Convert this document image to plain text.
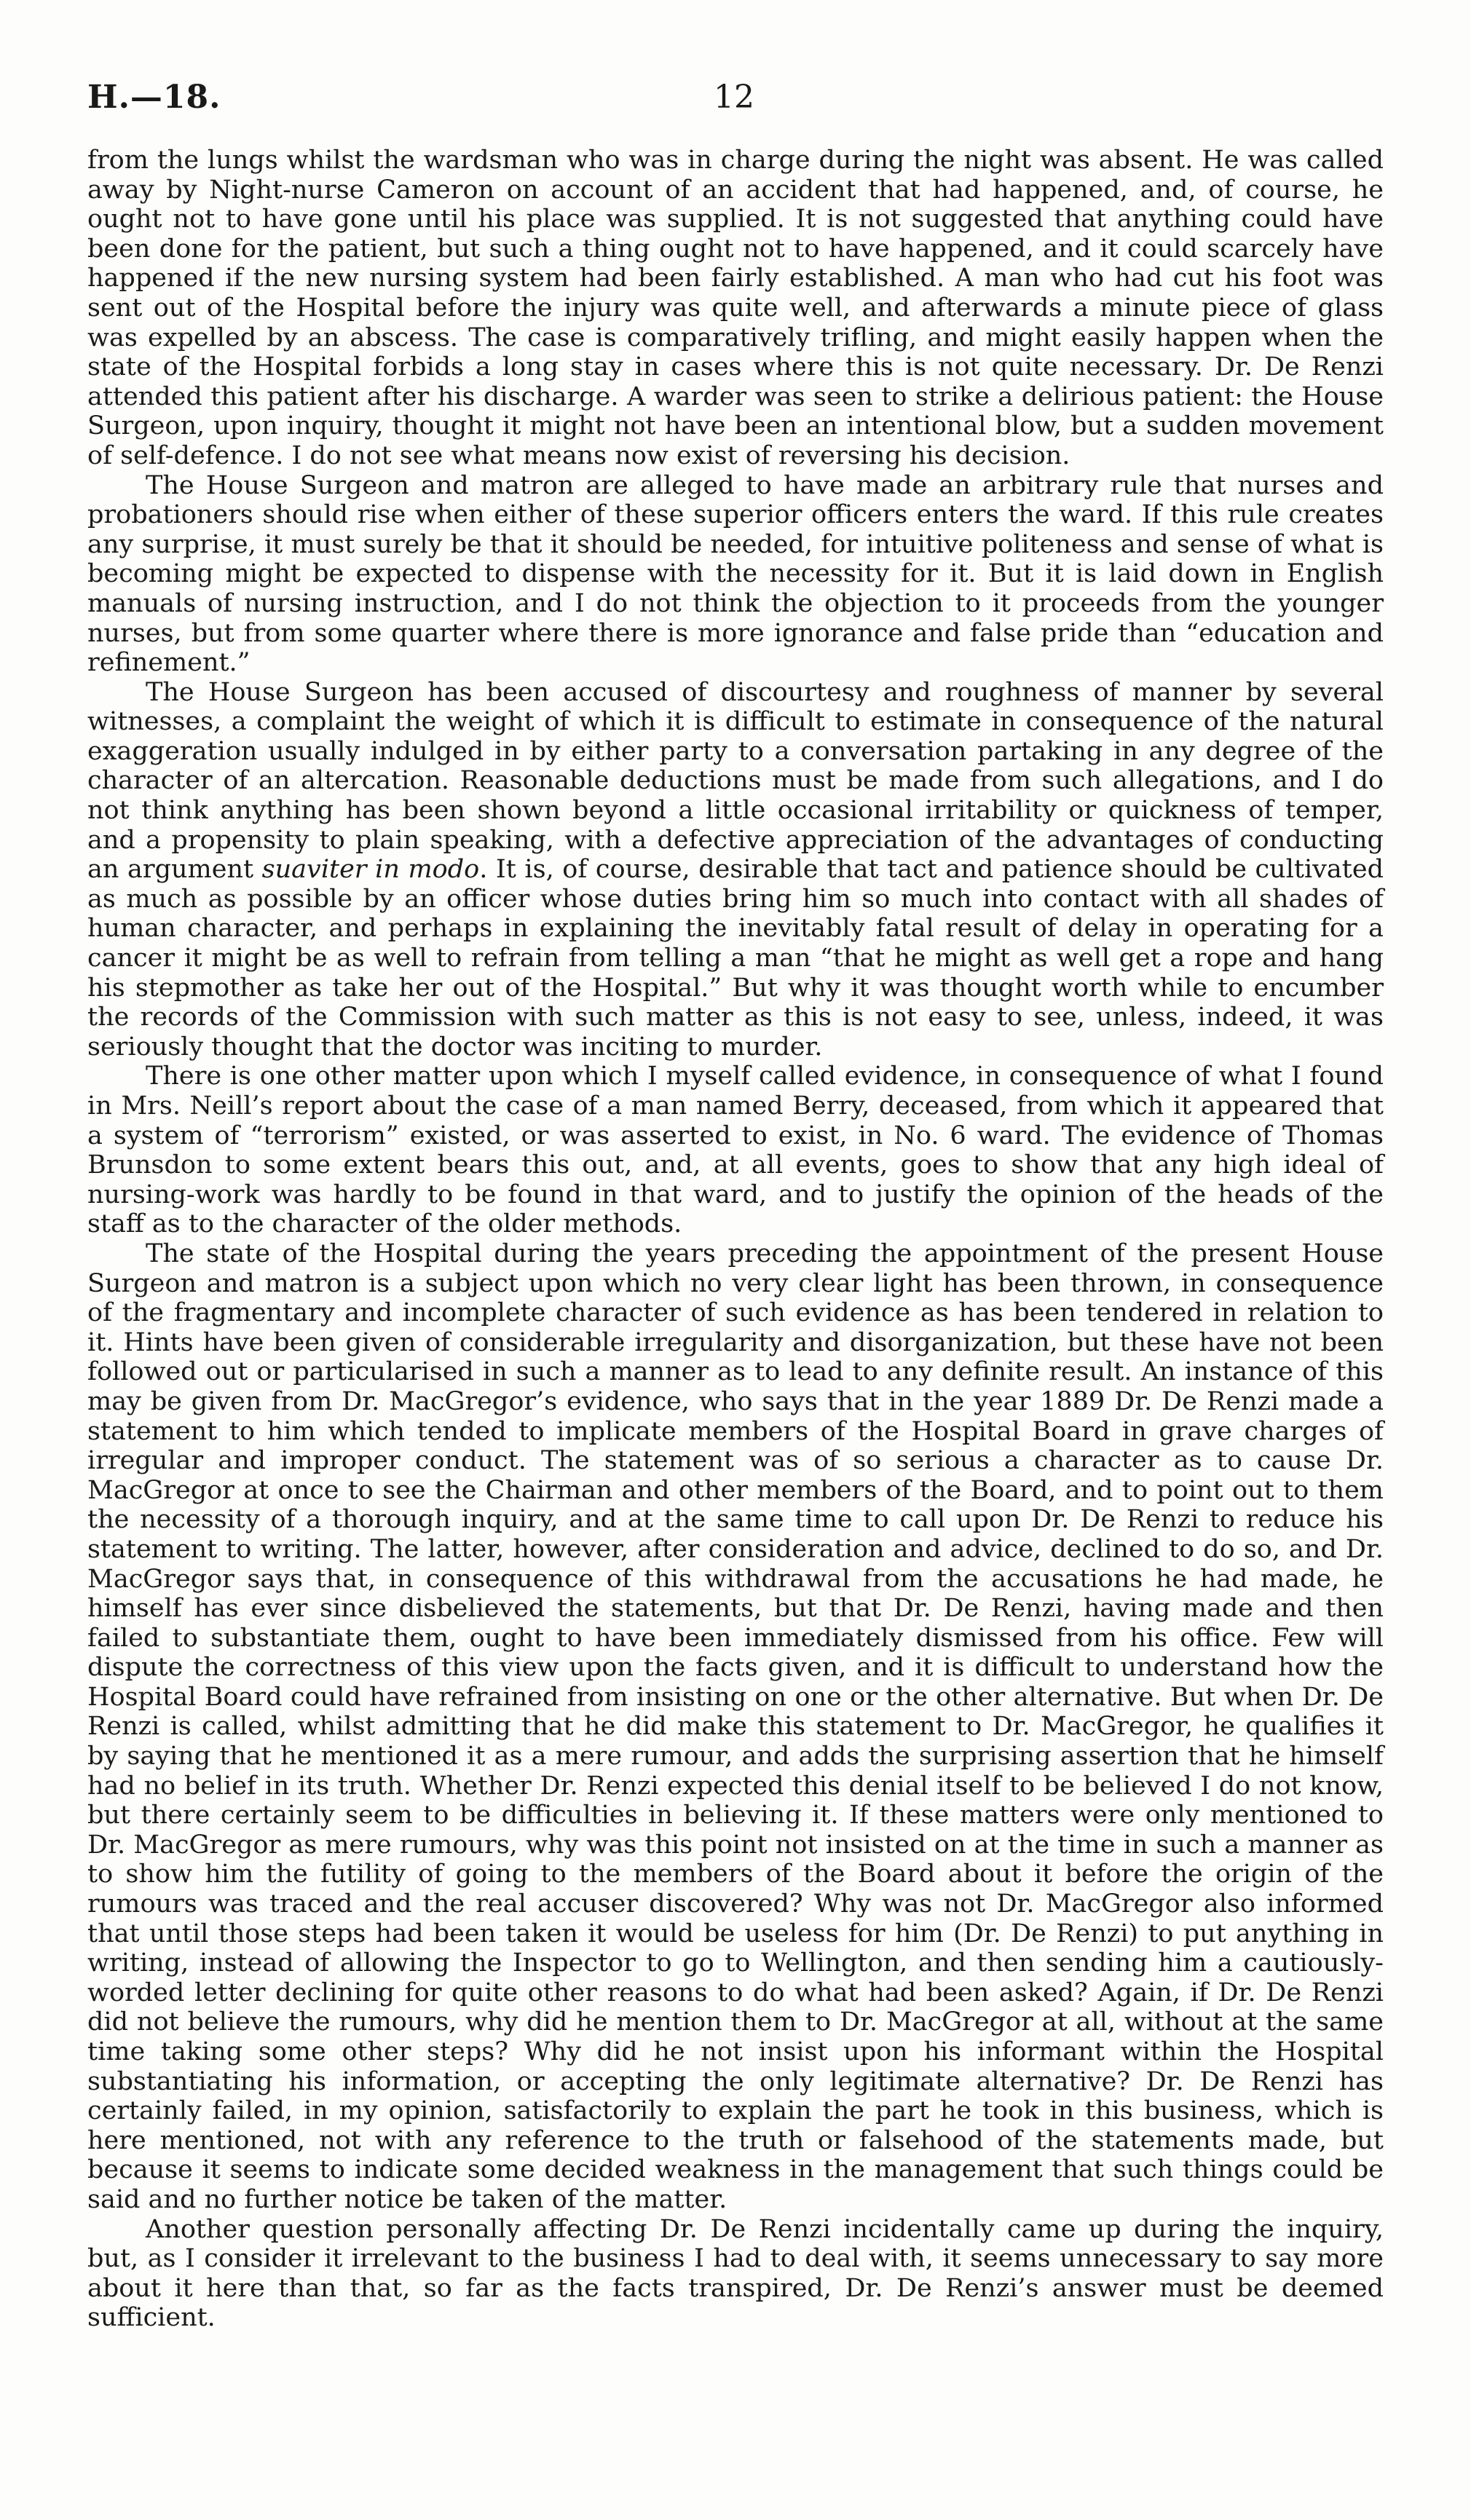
H.—18.	12

from the lungs whilst the wardsman who was in charge during the night was absent. He was called away by Night-nurse Cameron on account of an accident that had happened, and, of course, he ought not to have gone until his place was supplied. It is not suggested that anything could have been done for the patient, but such a thing ought not to have happened, and it could scarcely have happened if the new nursing system had been fairly established. A man who had cut his foot was sent out of the Hospital before the injury was quite well, and afterwards a minute piece of glass was expelled by an abscess. The case is comparatively trifling, and might easily happen when the state of the Hospital forbids a long stay in cases where this is not quite necessary. Dr. De Renzi attended this patient after his discharge. A warder was seen to strike a delirious patient: the House Surgeon, upon inquiry, thought it might not have been an intentional blow, but a sudden movement of self-defence. I do not see what means now exist of reversing his decision.

The House Surgeon and matron are alleged to have made an arbitrary rule that nurses and probationers should rise when either of these superior officers enters the ward. If this rule creates any surprise, it must surely be that it should be needed, for intuitive politeness and sense of what is becoming might be expected to dispense with the necessity for it. But it is laid down in English manuals of nursing instruction, and I do not think the objection to it proceeds from the younger nurses, but from some quarter where there is more ignorance and false pride than “education and refinement.”

The House Surgeon has been accused of discourtesy and roughness of manner by several witnesses, a complaint the weight of which it is difficult to estimate in consequence of the natural exaggeration usually indulged in by either party to a conversation partaking in any degree of the character of an altercation. Reasonable deductions must be made from such allegations, and I do not think anything has been shown beyond a little occasional irritability or quickness of temper, and a propensity to plain speaking, with a defective appreciation of the advantages of conducting an argument suaviter in modo. It is, of course, desirable that tact and patience should be cultivated as much as possible by an officer whose duties bring him so much into contact with all shades of human character, and perhaps in explaining the inevitably fatal result of delay in operating for a cancer it might be as well to refrain from telling a man “that he might as well get a rope and hang his stepmother as take her out of the Hospital.” But why it was thought worth while to encumber the records of the Commission with such matter as this is not easy to see, unless, indeed, it was seriously thought that the doctor was inciting to murder.

There is one other matter upon which I myself called evidence, in consequence of what I found in Mrs. Neill’s report about the case of a man named Berry, deceased, from which it appeared that a system of “terrorism” existed, or was asserted to exist, in No. 6 ward. The evidence of Thomas Brunsdon to some extent bears this out, and, at all events, goes to show that any high ideal of nursing-work was hardly to be found in that ward, and to justify the opinion of the heads of the staff as to the character of the older methods.

The state of the Hospital during the years preceding the appointment of the present House Surgeon and matron is a subject upon which no very clear light has been thrown, in consequence of the fragmentary and incomplete character of such evidence as has been tendered in relation to it. Hints have been given of considerable irregularity and disorganization, but these have not been followed out or particularised in such a manner as to lead to any definite result. An instance of this may be given from Dr. MacGregor’s evidence, who says that in the year 1889 Dr. De Renzi made a statement to him which tended to implicate members of the Hospital Board in grave charges of irregular and improper conduct. The statement was of so serious a character as to cause Dr. MacGregor at once to see the Chairman and other members of the Board, and to point out to them the necessity of a thorough inquiry, and at the same time to call upon Dr. De Renzi to reduce his statement to writing. The latter, however, after consideration and advice, declined to do so, and Dr. MacGregor says that, in consequence of this withdrawal from the accusations he had made, he himself has ever since disbelieved the statements, but that Dr. De Renzi, having made and then failed to substantiate them, ought to have been immediately dismissed from his office. Few will dispute the correctness of this view upon the facts given, and it is difficult to understand how the Hospital Board could have refrained from insisting on one or the other alternative. But when Dr. De Renzi is called, whilst admitting that he did make this statement to Dr. MacGregor, he qualifies it by saying that he mentioned it as a mere rumour, and adds the surprising assertion that he himself had no belief in its truth. Whether Dr. Renzi expected this denial itself to be believed I do not know, but there certainly seem to be difficulties in believing it. If these matters were only mentioned to Dr. MacGregor as mere rumours, why was this point not insisted on at the time in such a manner as to show him the futility of going to the members of the Board about it before the origin of the rumours was traced and the real accuser discovered? Why was not Dr. MacGregor also informed that until those steps had been taken it would be useless for him (Dr. De Renzi) to put anything in writing, instead of allowing the Inspector to go to Wellington, and then sending him a cautiously-worded letter declining for quite other reasons to do what had been asked? Again, if Dr. De Renzi did not believe the rumours, why did he mention them to Dr. MacGregor at all, without at the same time taking some other steps? Why did he not insist upon his informant within the Hospital substantiating his information, or accepting the only legitimate alternative? Dr. De Renzi has certainly failed, in my opinion, satisfactorily to explain the part he took in this business, which is here mentioned, not with any reference to the truth or falsehood of the statements made, but because it seems to indicate some decided weakness in the management that such things could be said and no further notice be taken of the matter.

Another question personally affecting Dr. De Renzi incidentally came up during the inquiry, but, as I consider it irrelevant to the business I had to deal with, it seems unnecessary to say more about it here than that, so far as the facts transpired, Dr. De Renzi’s answer must be deemed sufficient.
